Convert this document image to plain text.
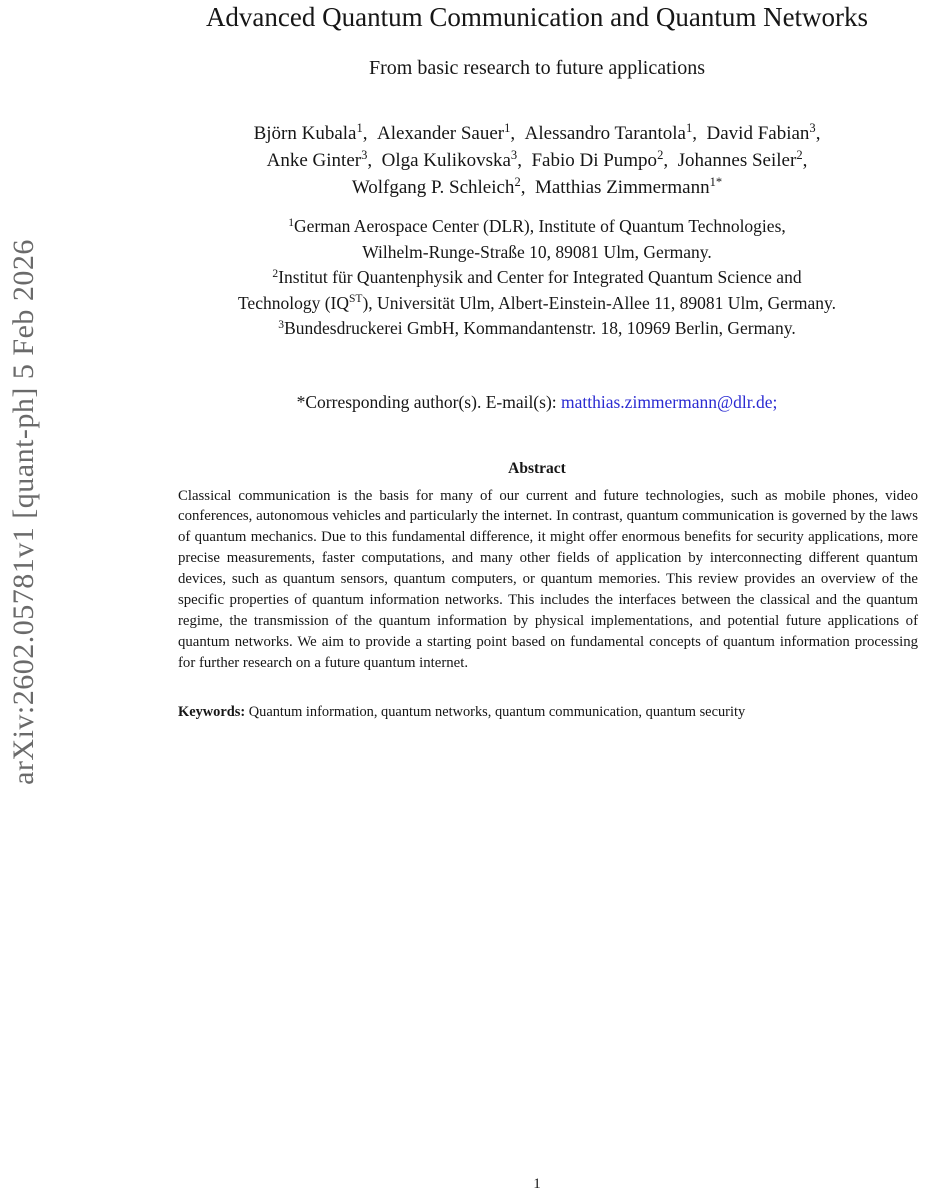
arXiv:2602.05781v1 [quant-ph] 5 Feb 2026
Advanced Quantum Communication and Quantum Networks
From basic research to future applications
Björn Kubala$^1$, Alexander Sauer$^1$, Alessandro Tarantola$^1$, David Fabian$^3$,
Anke Ginter$^3$, Olga Kulikovska$^3$, Fabio Di Pumpo$^2$, Johannes Seiler$^2$,
Wolfgang P. Schleich$^2$, Matthias Zimmermann$^{1*}$
$^1$German Aerospace Center (DLR), Institute of Quantum Technologies,
Wilhelm-Runge-Straße 10, 89081 Ulm, Germany.
$^2$Institut für Quantenphysik and Center for Integrated Quantum Science and
Technology $(IQ^{ST})$, Universität Ulm, Albert-Einstein-Allee 11, 89081 Ulm, Germany.
$^3$Bundesdruckerei GmbH, Kommandantenstr. 18, 10969 Berlin, Germany.
*Corresponding author(s). E-mail(s): matthias.zimmermann@dlr.de;
Abstract
Classical communication is the basis for many of our current and future technologies, such as mobile phones, video conferences, autonomous vehicles and particularly the internet. In contrast, quantum communication is governed by the laws of quantum mechanics. Due to this fundamental difference, it might offer enormous benefits for security applications, more precise measurements, faster computations, and many other fields of application by interconnecting different quantum devices, such as quantum sensors, quantum computers, or quantum memories. This review provides an overview of the specific properties of quantum information networks. This includes the interfaces between the classical and the quantum regime, the transmission of the quantum information by physical implementations, and potential future applications of quantum networks. We aim to provide a starting point based on fundamental concepts of quantum information processing for further research on a future quantum internet.
Keywords: Quantum information, quantum networks, quantum communication, quantum security
1
